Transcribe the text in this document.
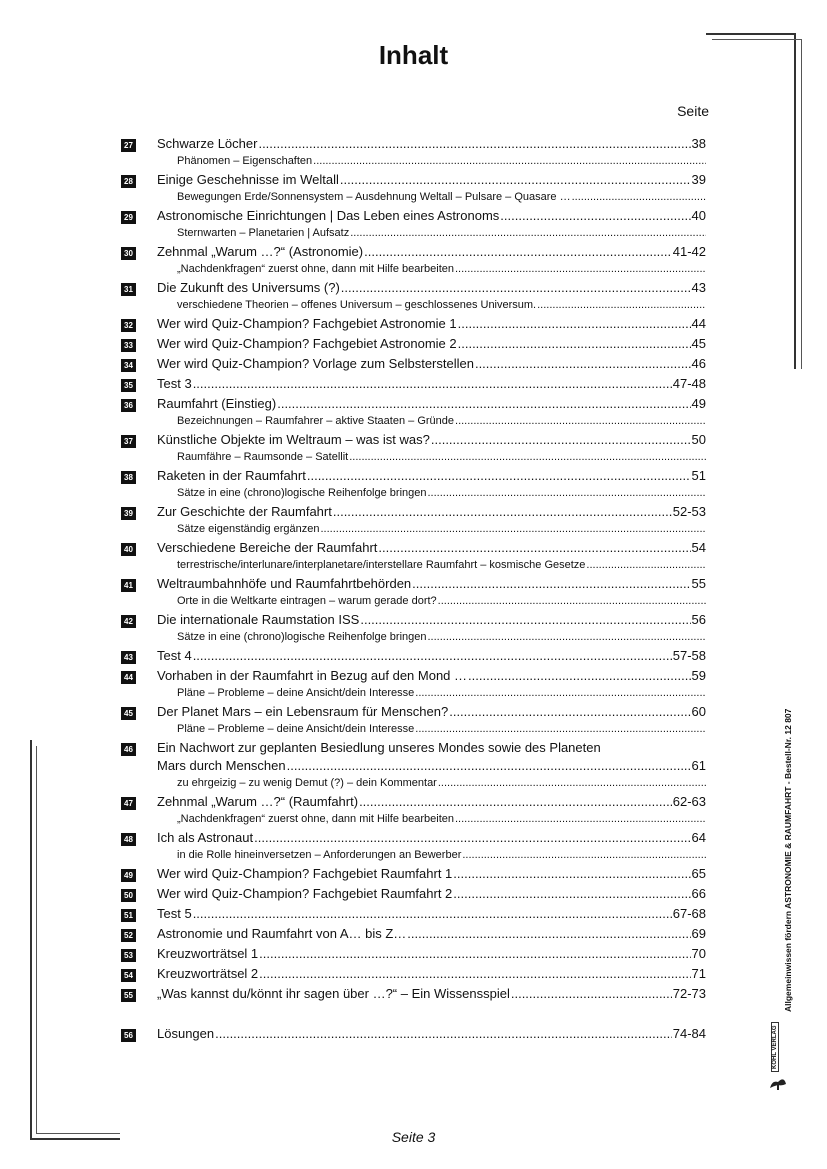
Inhalt
Seite
27 Schwarze Löcher .....	38
Phänomen – Eigenschaften
.....
28 Einige Geschehnisse im Weltall .....	39
Bewegungen Erde/Sonnensystem – Ausdehnung Weltall – Pulsare – Quasare …
.....
29 Astronomische Einrichtungen | Das Leben eines Astronoms .....	40
Sternwarten – Planetarien | Aufsatz
.....
30 Zehnmal „Warum …?“ (Astronomie) .....	41-42
„Nachdenkfragen“ zuerst ohne, dann mit Hilfe bearbeiten
.....
31 Die Zukunft des Universums (?) .....	43
verschiedene Theorien – offenes Universum – geschlossenes Universum.
.....
32 Wer wird Quiz-Champion? Fachgebiet Astronomie 1 .....	44
33 Wer wird Quiz-Champion? Fachgebiet Astronomie 2 .....	45
34 Wer wird Quiz-Champion? Vorlage zum Selbsterstellen .....	46
35 Test 3 .....	47-48
36 Raumfahrt (Einstieg) .....	49
Bezeichnungen – Raumfahrer – aktive Staaten – Gründe
.....
37 Künstliche Objekte im Weltraum – was ist was? .....	50
Raumfähre – Raumsonde – Satellit
.....
38 Raketen in der Raumfahrt .....	51
Sätze in eine (chrono)logische Reihenfolge bringen
.....
39 Zur Geschichte der Raumfahrt .....	52-53
Sätze eigenständig ergänzen
.....
40 Verschiedene Bereiche der Raumfahrt .....	54
terrestrische/interlunare/interplanetare/interstellare Raumfahrt – kosmische Gesetze
.....
41 Weltraumbahnhöfe und Raumfahrtbehörden .....	55
Orte in die Weltkarte eintragen – warum gerade dort?
.....
42 Die internationale Raumstation ISS .....	56
Sätze in eine (chrono)logische Reihenfolge bringen
.....
43 Test 4 .....	57-58
44 Vorhaben in der Raumfahrt in Bezug auf den Mond … .....	59
Pläne – Probleme – deine Ansicht/dein Interesse
.....
45 Der Planet Mars – ein Lebensraum für Menschen? .....	60
Pläne – Probleme – deine Ansicht/dein Interesse
.....
46 Ein Nachwort zur geplanten Besiedlung unseres Mondes sowie des Planeten
Mars durch Menschen .....	61
zu ehrgeizig – zu wenig Demut (?) – dein Kommentar
.....
47 Zehnmal „Warum …?“ (Raumfahrt) .....	62-63
„Nachdenkfragen“ zuerst ohne, dann mit Hilfe bearbeiten
.....
48 Ich als Astronaut .....	64
in die Rolle hineinversetzen – Anforderungen an Bewerber
.....
49 Wer wird Quiz-Champion? Fachgebiet Raumfahrt 1 .....	65
50 Wer wird Quiz-Champion? Fachgebiet Raumfahrt 2 .....	66
51 Test 5 .....	67-68
52 Astronomie und Raumfahrt von A… bis Z… .....	69
53 Kreuzworträtsel 1 .....	70
54 Kreuzworträtsel 2 .....	71
55 „Was kannst du/könnt ihr sagen über …?“ – Ein Wissensspiel .....	72-73
56 Lösungen .....	74-84
Allgemeinwissen fördern ASTRONOMIE & RAUMFAHRT - Bestell-Nr. 12 807
KOHL VERLAG
Seite 3
